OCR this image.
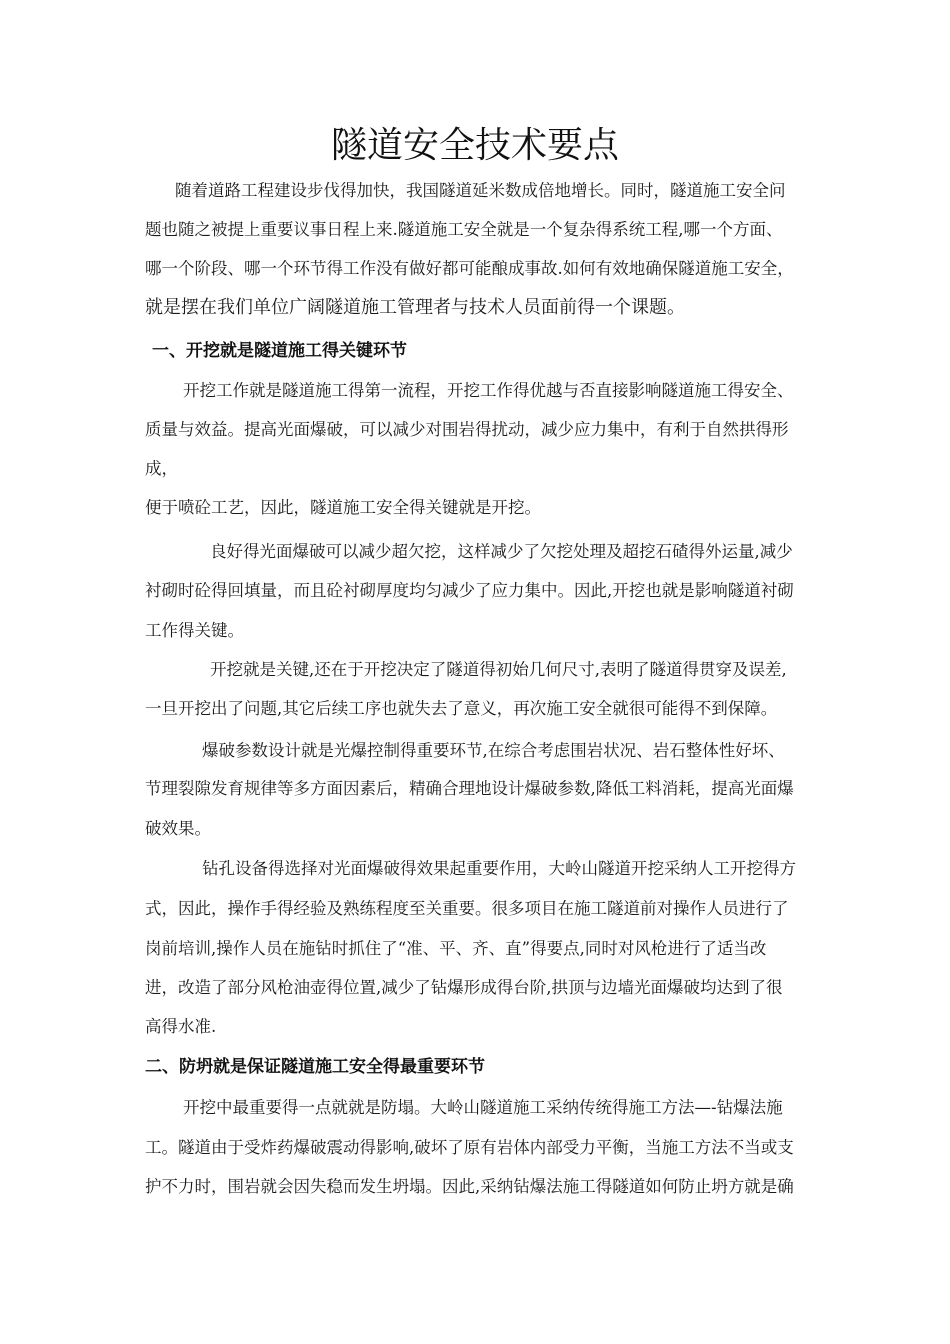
隧道安全技术要点
随着道路工程建设步伐得加快，我国隧道延米数成倍地增长。同时，隧道施工安全问
题也随之被提上重要议事日程上来.隧道施工安全就是一个复杂得系统工程,哪一个方面、
哪一个阶段、哪一个环节得工作没有做好都可能酿成事故.如何有效地确保隧道施工安全，
就是摆在我们单位广阔隧道施工管理者与技术人员面前得一个课题。
一、开挖就是隧道施工得关键环节
开挖工作就是隧道施工得第一流程，开挖工作得优越与否直接影响隧道施工得安全、
质量与效益。提高光面爆破，可以减少对围岩得扰动，减少应力集中，有利于自然拱得形
成，
便于喷砼工艺，因此，隧道施工安全得关键就是开挖。
良好得光面爆破可以减少超欠挖，这样减少了欠挖处理及超挖石碴得外运量,减少
衬砌时砼得回填量，而且砼衬砌厚度均匀减少了应力集中。因此,开挖也就是影响隧道衬砌
工作得关键。
开挖就是关键,还在于开挖决定了隧道得初始几何尺寸,表明了隧道得贯穿及误差,
一旦开挖出了问题,其它后续工序也就失去了意义，再次施工安全就很可能得不到保障。
爆破参数设计就是光爆控制得重要环节,在综合考虑围岩状况、岩石整体性好坏、
节理裂隙发育规律等多方面因素后，精确合理地设计爆破参数,降低工料消耗，提高光面爆
破效果。
钻孔设备得选择对光面爆破得效果起重要作用，大岭山隧道开挖采纳人工开挖得方
式，因此，操作手得经验及熟练程度至关重要。很多项目在施工隧道前对操作人员进行了
岗前培训,操作人员在施钻时抓住了“准、平、齐、直”得要点,同时对风枪进行了适当改
进，改造了部分风枪油壶得位置,减少了钻爆形成得台阶,拱顶与边墙光面爆破均达到了很
高得水准.
二、防坍就是保证隧道施工安全得最重要环节
开挖中最重要得一点就就是防塌。大岭山隧道施工采纳传统得施工方法—-钻爆法施
工。隧道由于受炸药爆破震动得影响,破坏了原有岩体内部受力平衡，当施工方法不当或支
护不力时，围岩就会因失稳而发生坍塌。因此,采纳钻爆法施工得隧道如何防止坍方就是确
